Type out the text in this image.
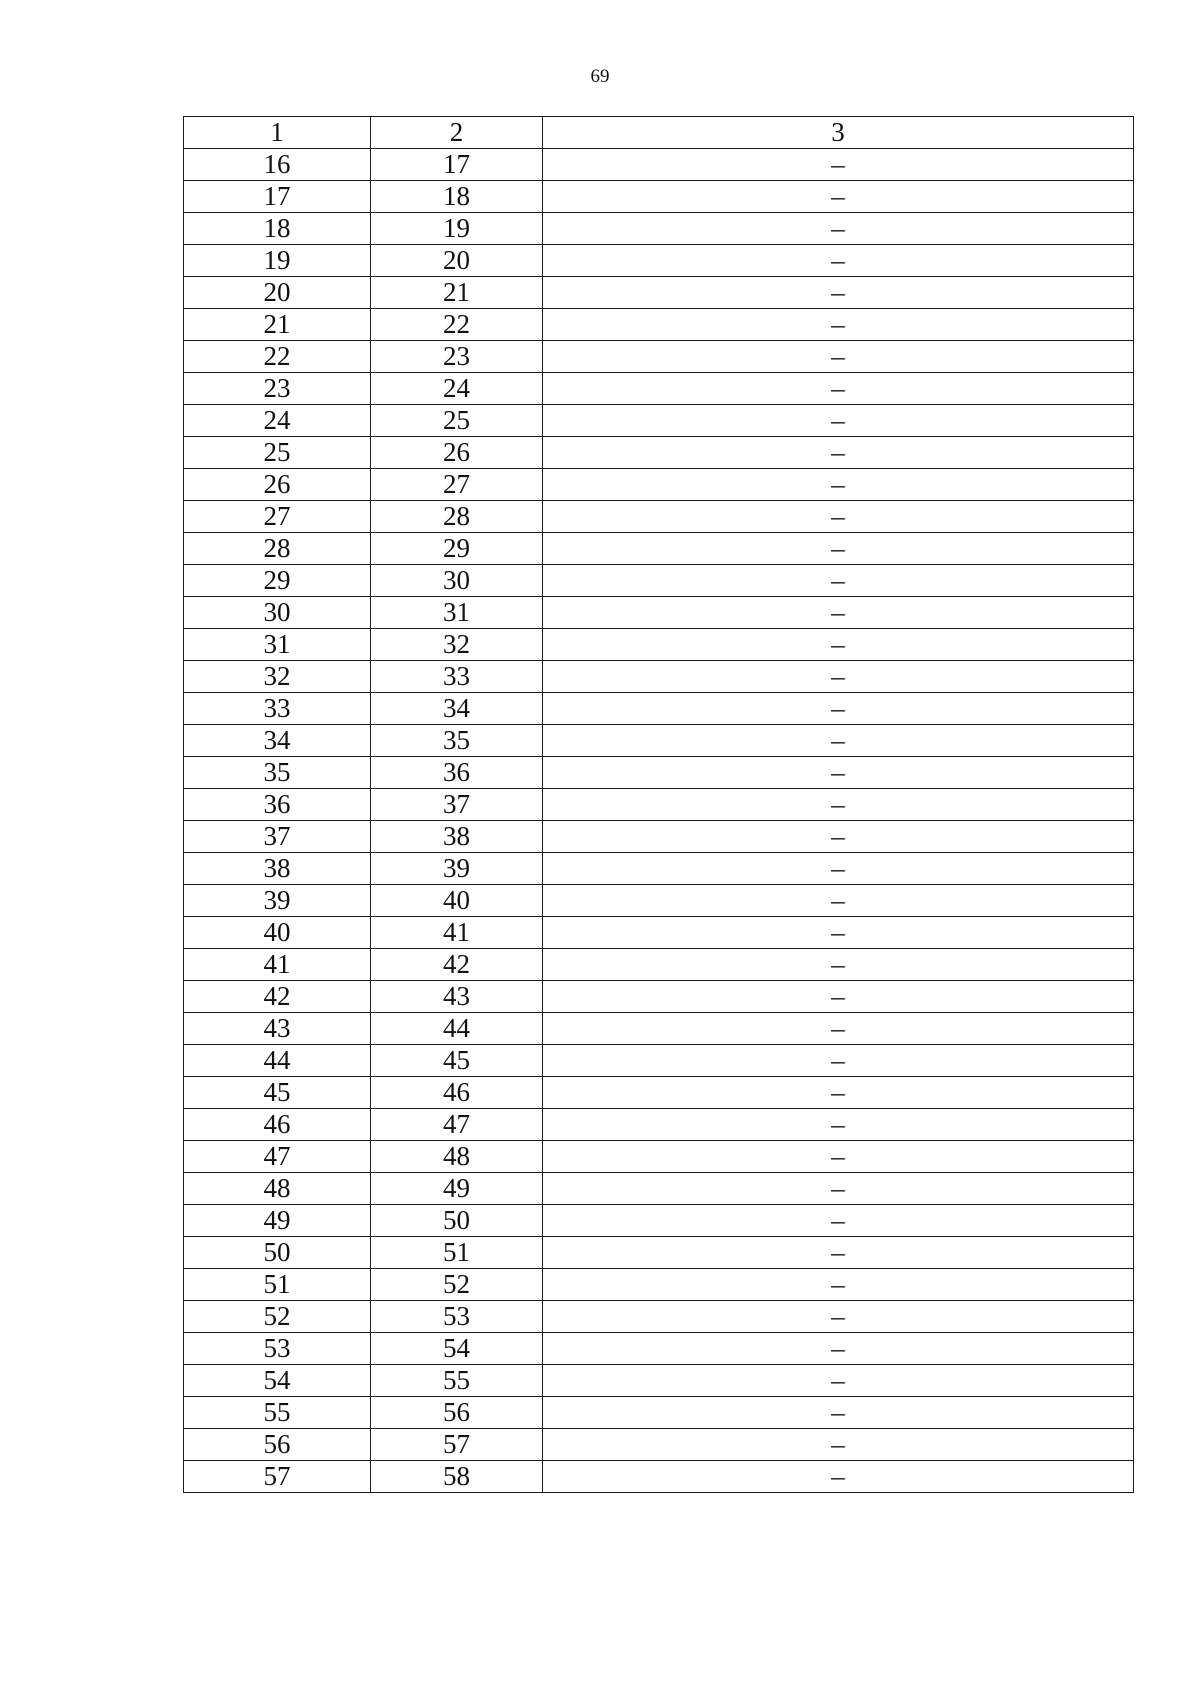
69
1	2	3
16	17	–
17	18	–
18	19	–
19	20	–
20	21	–
21	22	–
22	23	–
23	24	–
24	25	–
25	26	–
26	27	–
27	28	–
28	29	–
29	30	–
30	31	–
31	32	–
32	33	–
33	34	–
34	35	–
35	36	–
36	37	–
37	38	–
38	39	–
39	40	–
40	41	–
41	42	–
42	43	–
43	44	–
44	45	–
45	46	–
46	47	–
47	48	–
48	49	–
49	50	–
50	51	–
51	52	–
52	53	–
53	54	–
54	55	–
55	56	–
56	57	–
57	58	–
